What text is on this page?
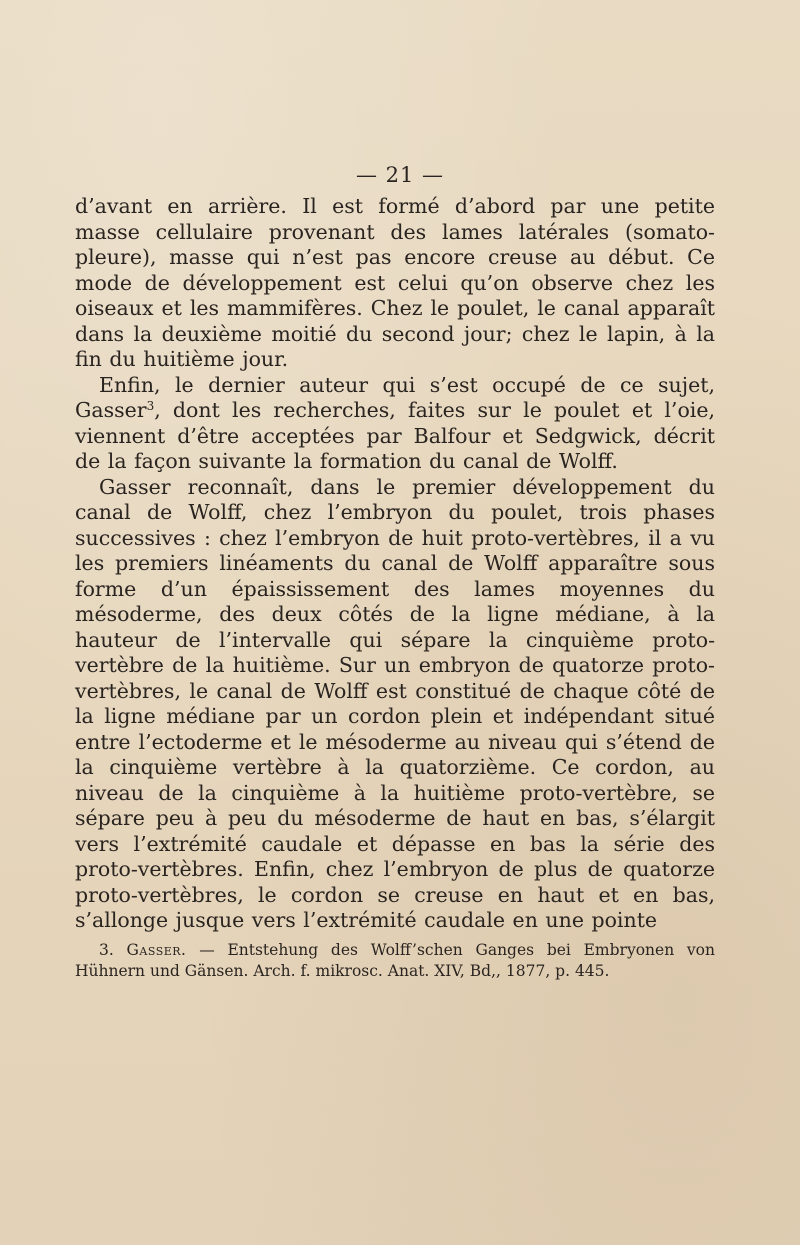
— 21 —

d’avant en arrière. Il est formé d’abord par une petite masse cellulaire provenant des lames latérales (somato-pleure), masse qui n’est pas encore creuse au début. Ce mode de développement est celui qu’on observe chez les oiseaux et les mammifères. Chez le poulet, le canal apparaît dans la deuxième moitié du second jour; chez le lapin, à la fin du huitième jour.

Enfin, le dernier auteur qui s’est occupé de ce sujet, Gasser$^3$, dont les recherches, faites sur le poulet et l’oie, viennent d’être acceptées par Balfour et Sedgwick, décrit de la façon suivante la formation du canal de Wolff.

Gasser reconnaît, dans le premier développement du canal de Wolff, chez l’embryon du poulet, trois phases successives : chez l’embryon de huit proto-vertèbres, il a vu les premiers linéaments du canal de Wolff apparaître sous forme d’un épaississement des lames moyennes du mésoderme, des deux côtés de la ligne médiane, à la hauteur de l’intervalle qui sépare la cinquième proto-vertèbre de la huitième. Sur un embryon de quatorze proto-vertèbres, le canal de Wolff est constitué de chaque côté de la ligne médiane par un cordon plein et indépendant situé entre l’ectoderme et le mésoderme au niveau qui s’étend de la cinquième vertèbre à la quatorzième. Ce cordon, au niveau de la cinquième à la huitième proto-vertèbre, se sépare peu à peu du mésoderme de haut en bas, s’élargit vers l’extrémité caudale et dépasse en bas la série des proto-vertèbres. Enfin, chez l’embryon de plus de quatorze proto-vertèbres, le cordon se creuse en haut et en bas, s’allonge jusque vers l’extrémité caudale en une pointe

3. Gasser. — Entstehung des Wolff’schen Ganges bei Embryonen von Hühnern und Gänsen. Arch. f. mikrosc. Anat. XIV, Bd,, 1877, p. 445.
